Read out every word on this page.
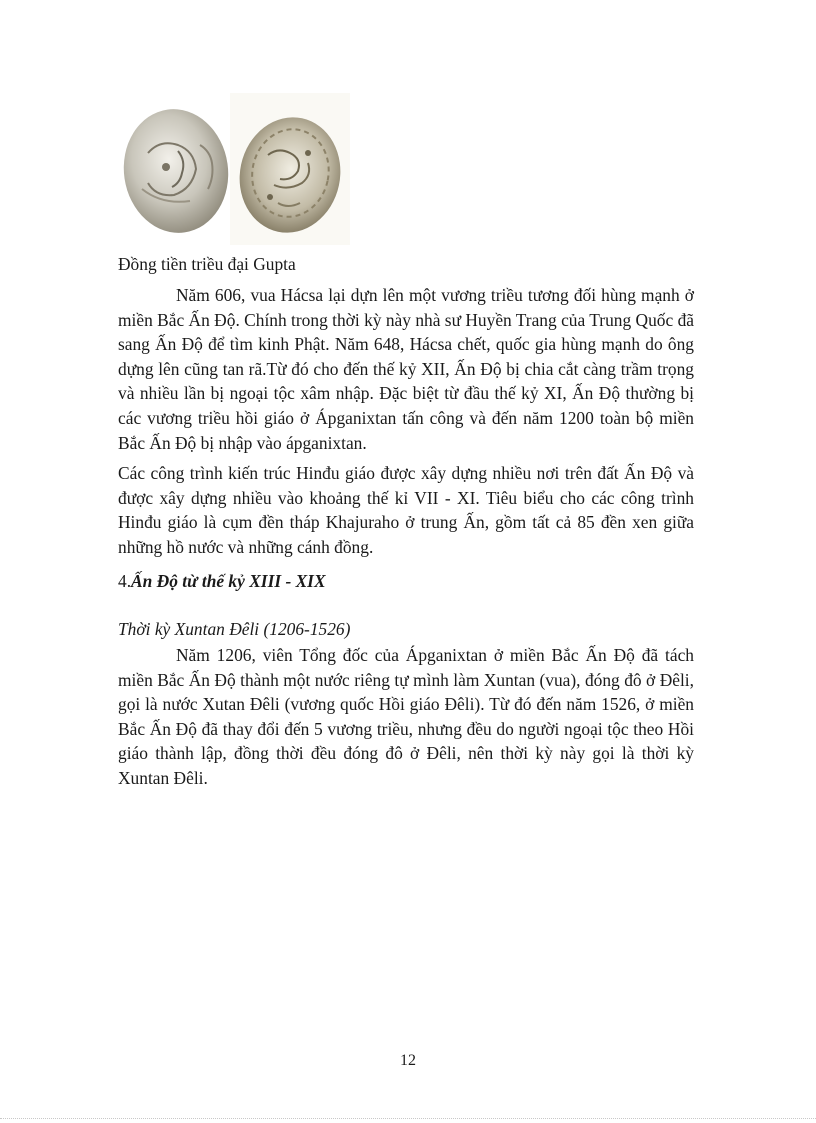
Đồng tiền triều đại Gupta

Năm 606, vua Hácsa lại dựn lên một vương triều tương đối hùng mạnh ở miền Bắc Ấn Độ. Chính trong thời kỳ này nhà sư Huyền Trang của Trung Quốc đã sang Ấn Độ để tìm kinh Phật. Năm 648, Hácsa chết, quốc gia hùng mạnh do ông dựng lên cũng tan rã.Từ đó cho đến thế kỷ XII, Ấn Độ bị chia cắt càng trầm trọng và nhiều lần bị ngoại tộc xâm nhập. Đặc biệt từ đầu thế kỷ XI, Ấn Độ thường bị các vương triều hồi giáo ở Ápganixtan tấn công và đến năm 1200 toàn bộ miền Bắc Ấn Độ bị nhập vào ápganixtan.

Các công trình kiến trúc Hinđu giáo được xây dựng nhiều nơi trên đất Ấn Độ và được xây dựng nhiều vào khoảng thế kỉ VII - XI. Tiêu biểu cho các công trình Hinđu giáo là cụm đền tháp Khajuraho ở trung Ấn, gồm tất cả 85 đền xen giữa những hồ nước và những cánh đồng.

4.Ấn Độ từ thế kỷ XIII - XIX
Thời kỳ Xuntan Đêli (1206-1526)

Năm 1206, viên Tổng đốc của Ápganixtan ở miền Bắc Ấn Độ đã tách miền Bắc Ấn Độ thành một nước riêng tự mình làm Xuntan (vua), đóng đô ở Đêli, gọi là nước Xutan Đêli (vương quốc Hồi giáo Đêli). Từ đó đến năm 1526, ở miền Bắc Ấn Độ đã thay đổi đến 5 vương triều, nhưng đều do người ngoại tộc theo Hồi giáo thành lập, đồng thời đều đóng đô ở Đêli, nên thời kỳ này gọi là thời kỳ Xuntan Đêli.

12
